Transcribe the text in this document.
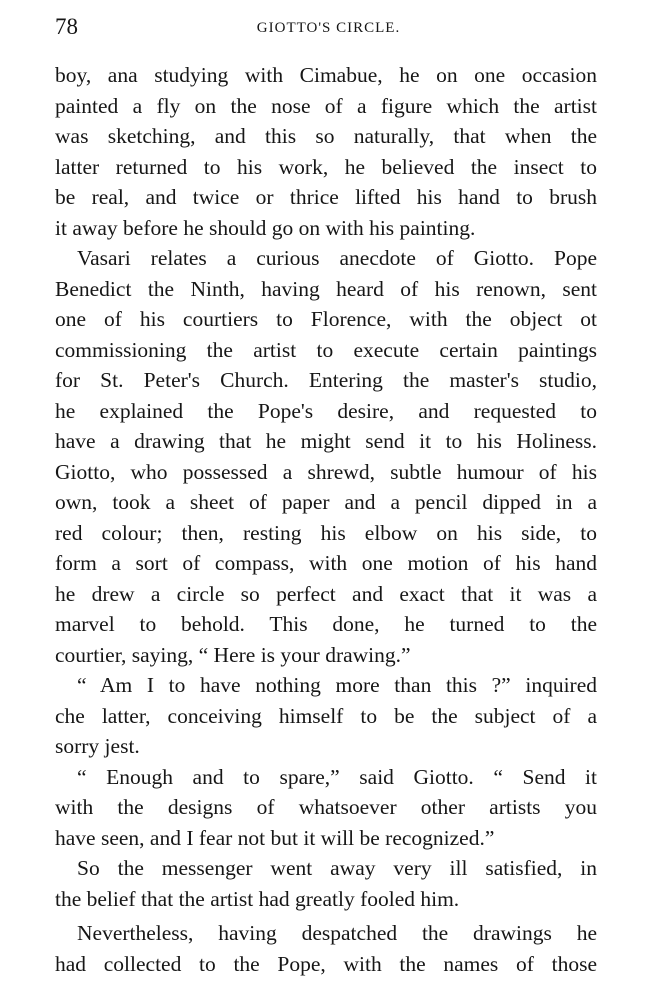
78	GIOTTO'S CIRCLE.
boy, ana studying with Cimabue, he on one occasion
painted a fly on the nose of a figure which the artist
was sketching, and this so naturally, that when the
latter returned to his work, he believed the insect to
be real, and twice or thrice lifted his hand to brush
it away before he should go on with his painting.
Vasari relates a curious anecdote of Giotto. Pope
Benedict the Ninth, having heard of his renown, sent
one of his courtiers to Florence, with the object ot
commissioning the artist to execute certain paintings
for St. Peter's Church. Entering the master's studio,
he explained the Pope's desire, and requested to
have a drawing that he might send it to his Holiness.
Giotto, who possessed a shrewd, subtle humour of his
own, took a sheet of paper and a pencil dipped in a
red colour; then, resting his elbow on his side, to
form a sort of compass, with one motion of his hand
he drew a circle so perfect and exact that it was a
marvel to behold. This done, he turned to the
courtier, saying, “ Here is your drawing.”
“ Am I to have nothing more than this ?” inquired
che latter, conceiving himself to be the subject of a
sorry jest.
“ Enough and to spare,” said Giotto. “ Send it
with the designs of whatsoever other artists you
have seen, and I fear not but it will be recognized.”
So the messenger went away very ill satisfied, in
the belief that the artist had greatly fooled him.
Nevertheless, having despatched the drawings he
had collected to the Pope, with the names of those
